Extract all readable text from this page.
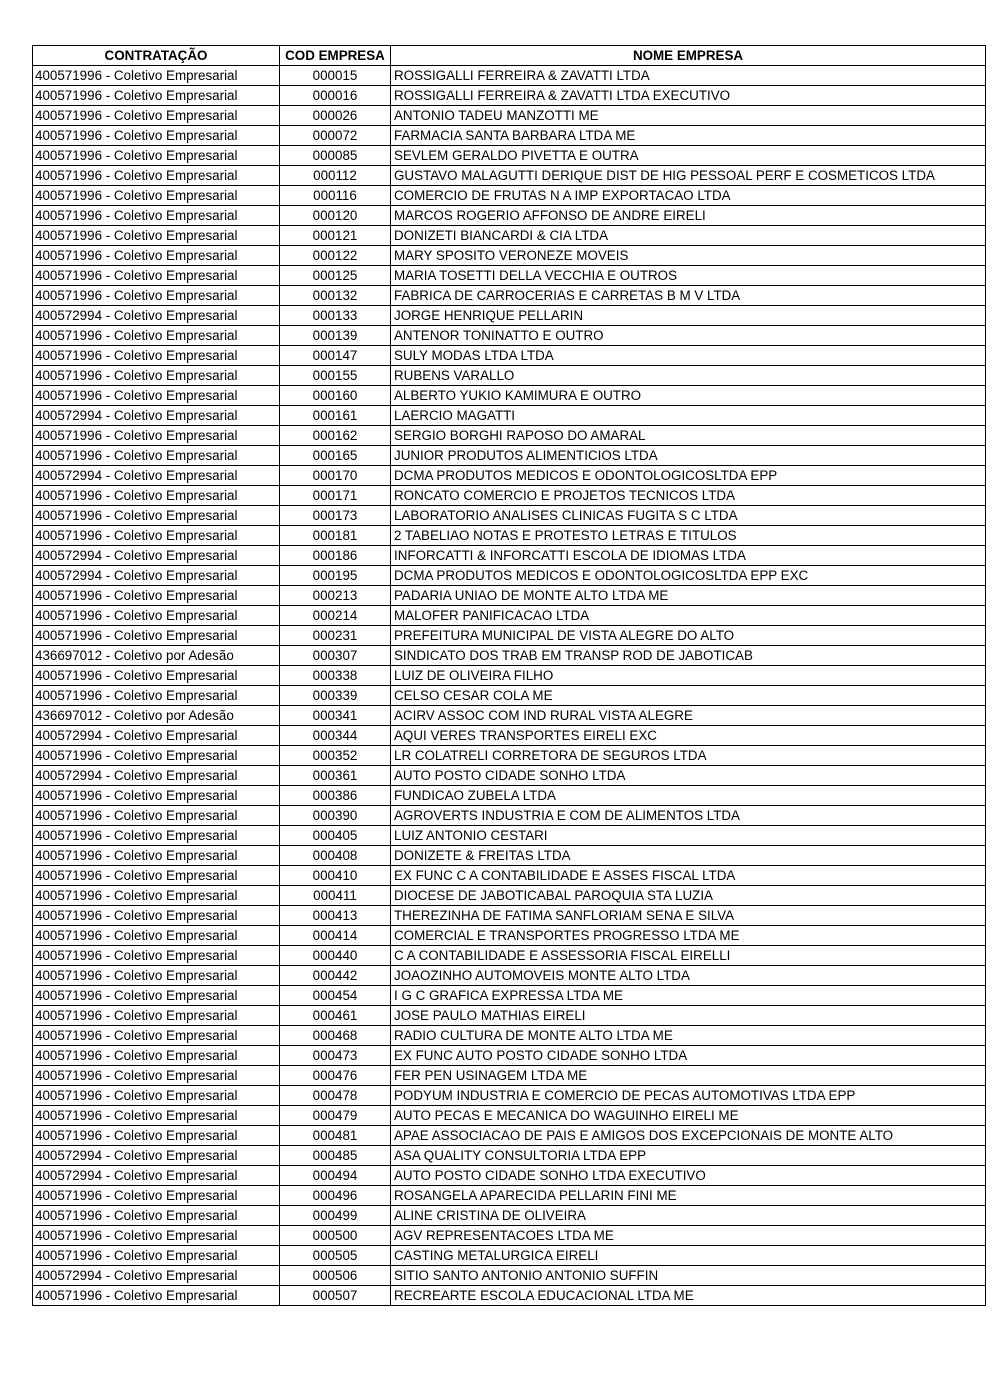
CONTRATAÇÃO	COD EMPRESA	NOME EMPRESA
400571996 - Coletivo Empresarial	000015	ROSSIGALLI FERREIRA & ZAVATTI LTDA
400571996 - Coletivo Empresarial	000016	ROSSIGALLI FERREIRA & ZAVATTI LTDA EXECUTIVO
400571996 - Coletivo Empresarial	000026	ANTONIO TADEU MANZOTTI ME
400571996 - Coletivo Empresarial	000072	FARMACIA SANTA BARBARA LTDA ME
400571996 - Coletivo Empresarial	000085	SEVLEM GERALDO PIVETTA E OUTRA
400571996 - Coletivo Empresarial	000112	GUSTAVO MALAGUTTI DERIQUE DIST DE HIG PESSOAL PERF E COSMETICOS LTDA
400571996 - Coletivo Empresarial	000116	COMERCIO DE FRUTAS N A IMP EXPORTACAO LTDA
400571996 - Coletivo Empresarial	000120	MARCOS ROGERIO AFFONSO DE ANDRE EIRELI
400571996 - Coletivo Empresarial	000121	DONIZETI BIANCARDI & CIA LTDA
400571996 - Coletivo Empresarial	000122	MARY SPOSITO VERONEZE MOVEIS
400571996 - Coletivo Empresarial	000125	MARIA TOSETTI DELLA VECCHIA E OUTROS
400571996 - Coletivo Empresarial	000132	FABRICA DE CARROCERIAS E CARRETAS B M V LTDA
400572994 - Coletivo Empresarial	000133	JORGE HENRIQUE PELLARIN
400571996 - Coletivo Empresarial	000139	ANTENOR TONINATTO E OUTRO
400571996 - Coletivo Empresarial	000147	SULY MODAS LTDA LTDA
400571996 - Coletivo Empresarial	000155	RUBENS VARALLO
400571996 - Coletivo Empresarial	000160	ALBERTO YUKIO KAMIMURA E OUTRO
400572994 - Coletivo Empresarial	000161	LAERCIO MAGATTI
400571996 - Coletivo Empresarial	000162	SERGIO BORGHI RAPOSO DO AMARAL
400571996 - Coletivo Empresarial	000165	JUNIOR PRODUTOS ALIMENTICIOS LTDA
400572994 - Coletivo Empresarial	000170	DCMA PRODUTOS MEDICOS E ODONTOLOGICOSLTDA EPP
400571996 - Coletivo Empresarial	000171	RONCATO COMERCIO E PROJETOS TECNICOS LTDA
400571996 - Coletivo Empresarial	000173	LABORATORIO ANALISES CLINICAS FUGITA S C LTDA
400571996 - Coletivo Empresarial	000181	2 TABELIAO NOTAS E PROTESTO LETRAS E TITULOS
400572994 - Coletivo Empresarial	000186	INFORCATTI & INFORCATTI ESCOLA DE IDIOMAS LTDA
400572994 - Coletivo Empresarial	000195	DCMA PRODUTOS MEDICOS E ODONTOLOGICOSLTDA EPP EXC
400571996 - Coletivo Empresarial	000213	PADARIA UNIAO DE MONTE ALTO LTDA ME
400571996 - Coletivo Empresarial	000214	MALOFER PANIFICACAO LTDA
400571996 - Coletivo Empresarial	000231	PREFEITURA MUNICIPAL DE VISTA ALEGRE DO ALTO
436697012 - Coletivo por Adesão	000307	SINDICATO DOS TRAB EM TRANSP ROD DE JABOTICAB
400571996 - Coletivo Empresarial	000338	LUIZ DE OLIVEIRA FILHO
400571996 - Coletivo Empresarial	000339	CELSO CESAR COLA ME
436697012 - Coletivo por Adesão	000341	ACIRV ASSOC COM IND RURAL VISTA ALEGRE
400572994 - Coletivo Empresarial	000344	AQUI VERES TRANSPORTES EIRELI EXC
400571996 - Coletivo Empresarial	000352	LR COLATRELI CORRETORA DE SEGUROS LTDA
400572994 - Coletivo Empresarial	000361	AUTO POSTO CIDADE SONHO LTDA
400571996 - Coletivo Empresarial	000386	FUNDICAO ZUBELA LTDA
400571996 - Coletivo Empresarial	000390	AGROVERTS INDUSTRIA E COM DE ALIMENTOS LTDA
400571996 - Coletivo Empresarial	000405	LUIZ ANTONIO CESTARI
400571996 - Coletivo Empresarial	000408	DONIZETE & FREITAS LTDA
400571996 - Coletivo Empresarial	000410	EX FUNC C A CONTABILIDADE E ASSES FISCAL LTDA
400571996 - Coletivo Empresarial	000411	DIOCESE DE JABOTICABAL PAROQUIA STA LUZIA
400571996 - Coletivo Empresarial	000413	THEREZINHA DE FATIMA SANFLORIAM SENA E SILVA
400571996 - Coletivo Empresarial	000414	COMERCIAL E TRANSPORTES PROGRESSO LTDA ME
400571996 - Coletivo Empresarial	000440	C A CONTABILIDADE E ASSESSORIA FISCAL EIRELLI
400571996 - Coletivo Empresarial	000442	JOAOZINHO AUTOMOVEIS MONTE ALTO LTDA
400571996 - Coletivo Empresarial	000454	I G C GRAFICA EXPRESSA LTDA ME
400571996 - Coletivo Empresarial	000461	JOSE PAULO MATHIAS EIRELI
400571996 - Coletivo Empresarial	000468	RADIO CULTURA DE MONTE ALTO LTDA ME
400571996 - Coletivo Empresarial	000473	EX FUNC AUTO POSTO CIDADE SONHO LTDA
400571996 - Coletivo Empresarial	000476	FER PEN USINAGEM LTDA ME
400571996 - Coletivo Empresarial	000478	PODYUM INDUSTRIA E COMERCIO DE PECAS AUTOMOTIVAS LTDA EPP
400571996 - Coletivo Empresarial	000479	AUTO PECAS E MECANICA DO WAGUINHO EIRELI ME
400571996 - Coletivo Empresarial	000481	APAE ASSOCIACAO DE PAIS E AMIGOS DOS EXCEPCIONAIS DE MONTE ALTO
400572994 - Coletivo Empresarial	000485	ASA QUALITY CONSULTORIA LTDA EPP
400572994 - Coletivo Empresarial	000494	AUTO POSTO CIDADE SONHO LTDA EXECUTIVO
400571996 - Coletivo Empresarial	000496	ROSANGELA APARECIDA PELLARIN FINI ME
400571996 - Coletivo Empresarial	000499	ALINE CRISTINA DE OLIVEIRA
400571996 - Coletivo Empresarial	000500	AGV REPRESENTACOES LTDA ME
400571996 - Coletivo Empresarial	000505	CASTING METALURGICA EIRELI
400572994 - Coletivo Empresarial	000506	SITIO SANTO ANTONIO ANTONIO SUFFIN
400571996 - Coletivo Empresarial	000507	RECREARTE ESCOLA EDUCACIONAL LTDA ME
